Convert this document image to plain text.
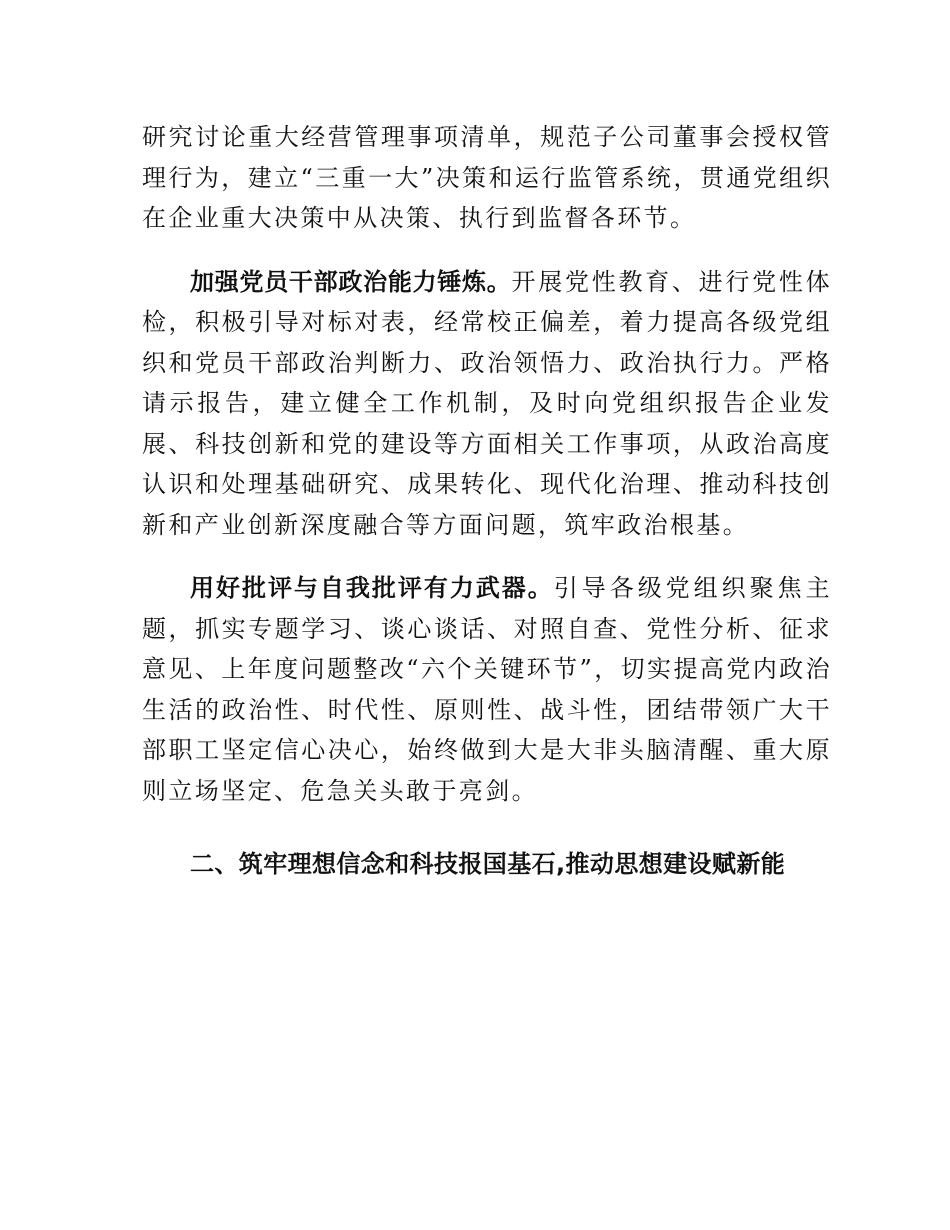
研究讨论重大经营管理事项清单，规范子公司董事会授权管理行为，建立“三重一大”决策和运行监管系统，贯通党组织在企业重大决策中从决策、执行到监督各环节。

加强党员干部政治能力锤炼。开展党性教育、进行党性体检，积极引导对标对表，经常校正偏差，着力提高各级党组织和党员干部政治判断力、政治领悟力、政治执行力。严格请示报告，建立健全工作机制，及时向党组织报告企业发展、科技创新和党的建设等方面相关工作事项，从政治高度认识和处理基础研究、成果转化、现代化治理、推动科技创新和产业创新深度融合等方面问题，筑牢政治根基。

用好批评与自我批评有力武器。引导各级党组织聚焦主题，抓实专题学习、谈心谈话、对照自查、党性分析、征求意见、上年度问题整改“六个关键环节”，切实提高党内政治生活的政治性、时代性、原则性、战斗性，团结带领广大干部职工坚定信心决心，始终做到大是大非头脑清醒、重大原则立场坚定、危急关头敢于亮剑。

二、筑牢理想信念和科技报国基石,推动思想建设赋新能
